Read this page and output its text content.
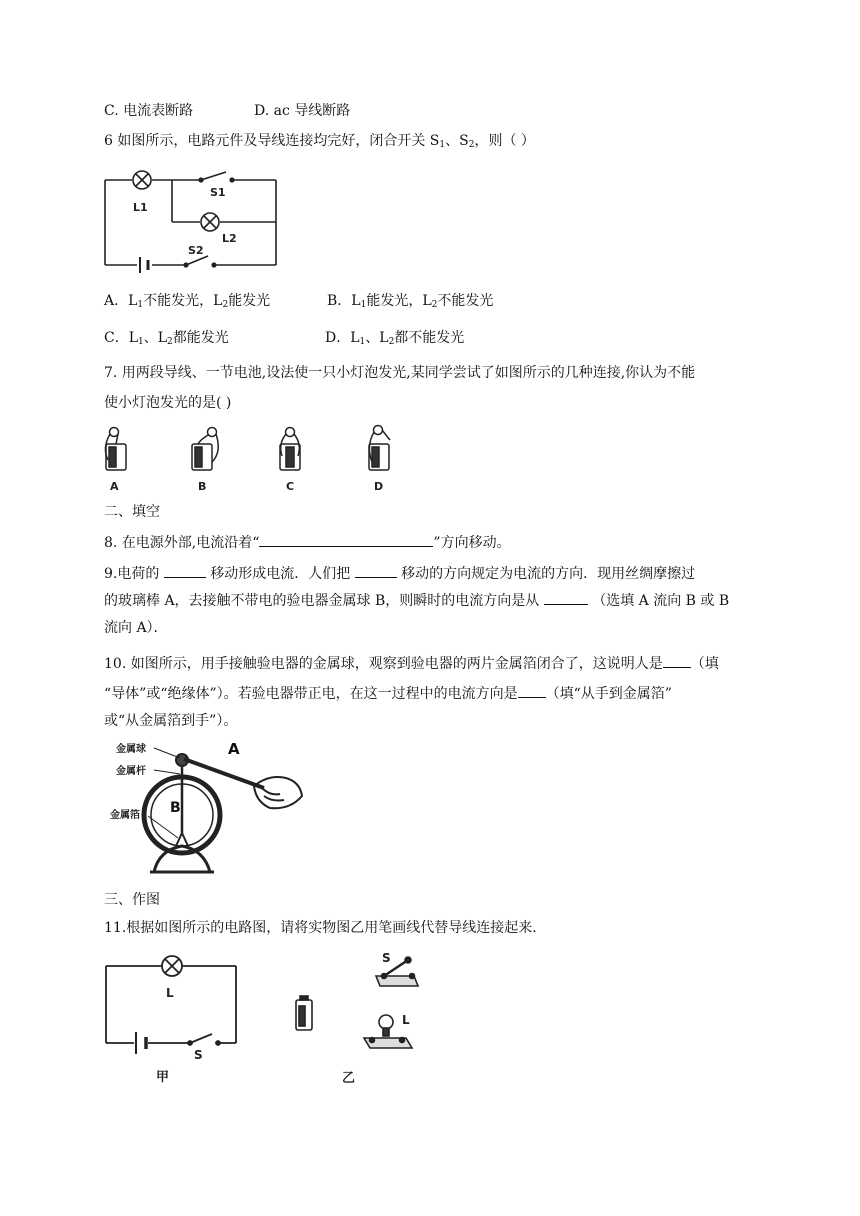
C. 电流表断路	D. ac 导线断路
6 如图所示，电路元件及导线连接均完好，闭合开关 $S_1$、$S_2$，则（ ）
L1
S1
L2
S2
A．$L_1$不能发光，$L_2$能发光	B．$L_1$能发光，$L_2$不能发光
C．$L_1$、$L_2$都能发光	D．$L_1$、$L_2$都不能发光
7. 用两段导线、一节电池,设法使一只小灯泡发光,某同学尝试了如图所示的几种连接,你认为不能
使小灯泡发光的是( )
A	B	C	D
二、填空
8. 在电源外部,电流沿着“	”方向移动。
9.电荷的	移动形成电流．人们把	移动的方向规定为电流的方向．现用丝绸摩擦过
的玻璃棒 A，去接触不带电的验电器金属球 B，则瞬时的电流方向是从	（选填 A 流向 B 或 B
流向 A）．
10. 如图所示，用手接触验电器的金属球，观察到验电器的两片金属箔闭合了，这说明人是 （填
“导体”或“绝缘体”）。若验电器带正电，在这一过程中的电流方向是 （填“从手到金属箔”
或“从金属箔到手”）。
金属球
金属杆
金属箔
A
B
三、作图
11.根据如图所示的电路图，请将实物图乙用笔画线代替导线连接起来.
L
S
甲
S
L
乙
